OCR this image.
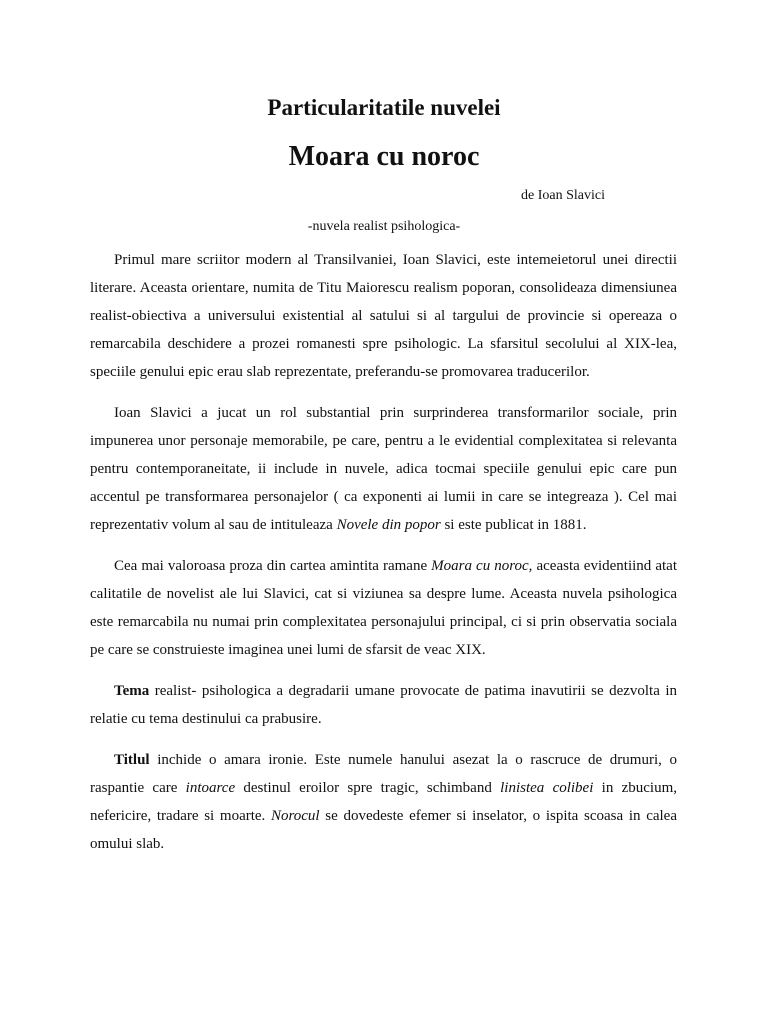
Particularitatile nuvelei
Moara cu noroc
de Ioan Slavici
-nuvela realist psihologica-

Primul mare scriitor modern al Transilvaniei, Ioan Slavici, este intemeietorul unei directii literare. Aceasta orientare, numita de Titu Maiorescu realism poporan, consolideaza dimensiunea realist-obiectiva a universului existential al satului si al targului de provincie si opereaza o remarcabila deschidere a prozei romanesti spre psihologic. La sfarsitul secolului al XIX-lea, speciile genului epic erau slab reprezentate, preferandu-se promovarea traducerilor.

Ioan Slavici a jucat un rol substantial prin surprinderea transformarilor sociale, prin impunerea unor personaje memorabile, pe care, pentru a le evidential complexitatea si relevanta pentru contemporaneitate, ii include in nuvele, adica tocmai speciile genului epic care pun accentul pe transformarea personajelor ( ca exponenti ai lumii in care se integreaza ). Cel mai reprezentativ volum al sau de intituleaza Novele din popor si este publicat in 1881.

Cea mai valoroasa proza din cartea amintita ramane Moara cu noroc, aceasta evidentiind atat calitatile de novelist ale lui Slavici, cat si viziunea sa despre lume. Aceasta nuvela psihologica este remarcabila nu numai prin complexitatea personajului principal, ci si prin observatia sociala pe care se construieste imaginea unei lumi de sfarsit de veac XIX.

Tema realist- psihologica a degradarii umane provocate de patima inavutirii se dezvolta in relatie cu tema destinului ca prabusire.

Titlul inchide o amara ironie. Este numele hanului asezat la o rascruce de drumuri, o raspantie care intoarce destinul eroilor spre tragic, schimband linistea colibei in zbucium, nefericire, tradare si moarte. Norocul se dovedeste efemer si inselator, o ispita scoasa in calea omului slab.
